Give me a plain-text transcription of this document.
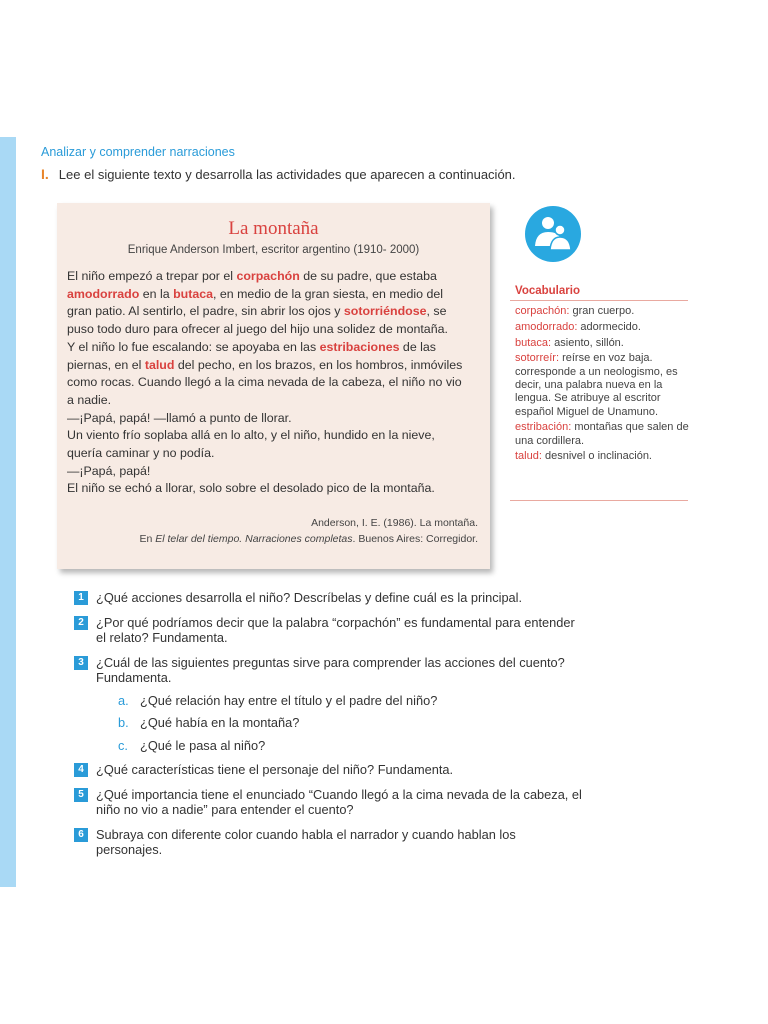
Analizar y comprender narraciones
I. Lee el siguiente texto y desarrolla las actividades que aparecen a continuación.
La montaña
Enrique Anderson Imbert, escritor argentino (1910- 2000)
El niño empezó a trepar por el corpachón de su padre, que estaba
amodorrado en la butaca, en medio de la gran siesta, en medio del
gran patio. Al sentirlo, el padre, sin abrir los ojos y sotorriéndose, se
puso todo duro para ofrecer al juego del hijo una solidez de montaña.
Y el niño lo fue escalando: se apoyaba en las estribaciones de las
piernas, en el talud del pecho, en los brazos, en los hombros, inmóviles
como rocas. Cuando llegó a la cima nevada de la cabeza, el niño no vio
a nadie.
—¡Papá, papá! —llamó a punto de llorar.
Un viento frío soplaba allá en lo alto, y el niño, hundido en la nieve,
quería caminar y no podía.
—¡Papá, papá!
El niño se echó a llorar, solo sobre el desolado pico de la montaña.
Anderson, I. E. (1986). La montaña.
En El telar del tiempo. Narraciones completas. Buenos Aires: Corregidor.
Vocabulario
corpachón: gran cuerpo.
amodorrado: adormecido.
butaca: asiento, sillón.
sotorreír: reírse en voz baja. corresponde a un neologismo, es decir, una palabra nueva en la lengua. Se atribuye al escritor español Miguel de Unamuno.
estribación: montañas que salen de una cordillera.
talud: desnivel o inclinación.
1 ¿Qué acciones desarrolla el niño? Descríbelas y define cuál es la principal.
2 ¿Por qué podríamos decir que la palabra “corpachón” es fundamental para entender el relato? Fundamenta.
3 ¿Cuál de las siguientes preguntas sirve para comprender las acciones del cuento? Fundamenta.
a. ¿Qué relación hay entre el título y el padre del niño?
b. ¿Qué había en la montaña?
c. ¿Qué le pasa al niño?
4 ¿Qué características tiene el personaje del niño? Fundamenta.
5 ¿Qué importancia tiene el enunciado “Cuando llegó a la cima nevada de la cabeza, el niño no vio a nadie” para entender el cuento?
6 Subraya con diferente color cuando habla el narrador y cuando hablan los personajes.
